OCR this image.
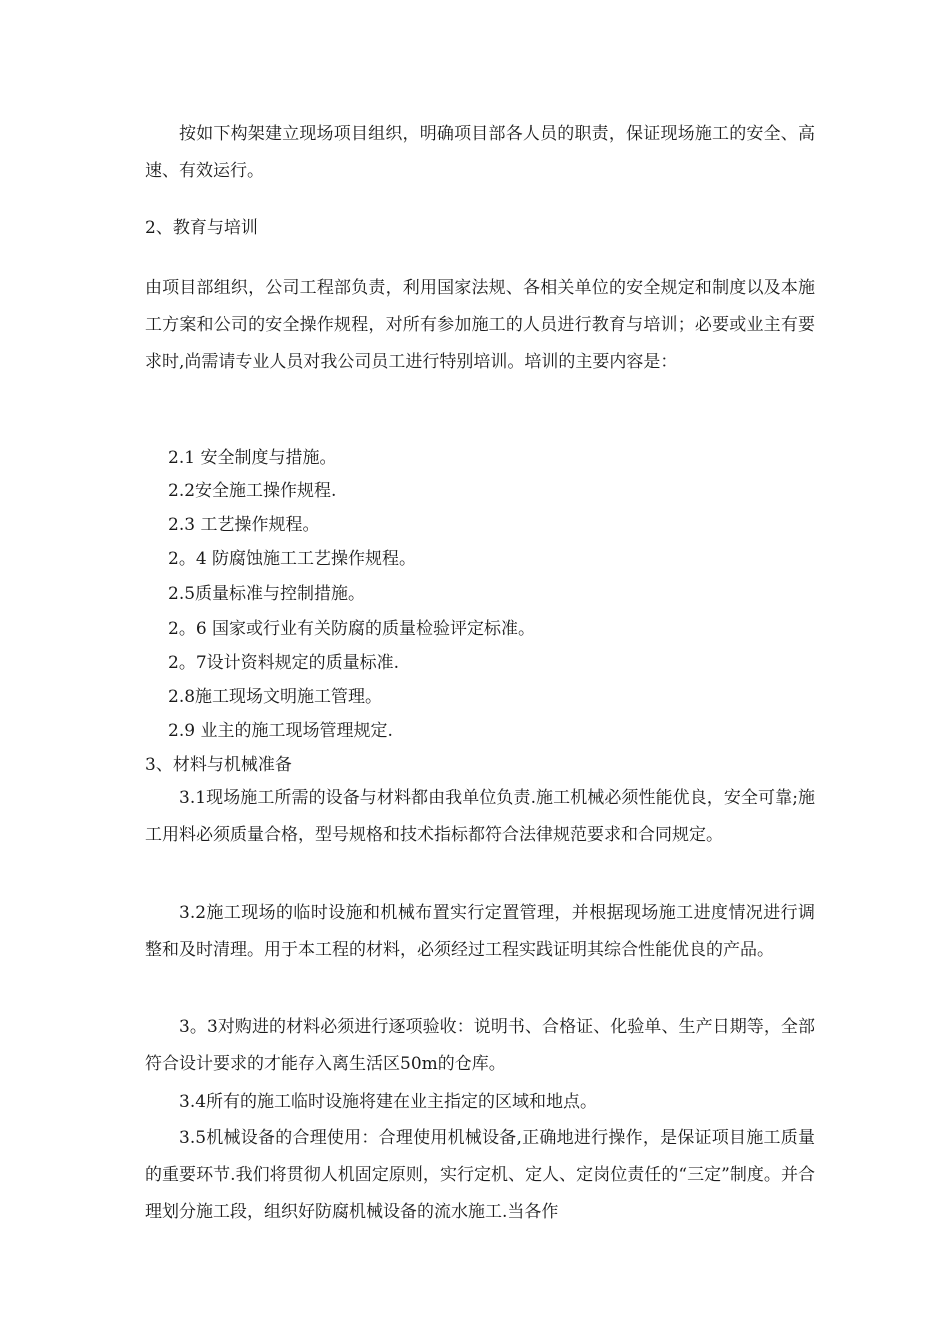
按如下构架建立现场项目组织，明确项目部各人员的职责，保证现场施工的安全、高速、有效运行。
2、教育与培训
由项目部组织，公司工程部负责，利用国家法规、各相关单位的安全规定和制度以及本施工方案和公司的安全操作规程，对所有参加施工的人员进行教育与培训；必要或业主有要求时,尚需请专业人员对我公司员工进行特别培训。培训的主要内容是：
2.1 安全制度与措施。
2.2安全施工操作规程.
2.3 工艺操作规程。
2。4 防腐蚀施工工艺操作规程。
2.5质量标准与控制措施。
2。6 国家或行业有关防腐的质量检验评定标准。
2。7设计资料规定的质量标准.
2.8施工现场文明施工管理。
2.9 业主的施工现场管理规定.
3、材料与机械准备
3.1现场施工所需的设备与材料都由我单位负责.施工机械必须性能优良，安全可靠;施工用料必须质量合格，型号规格和技术指标都符合法律规范要求和合同规定。
3.2施工现场的临时设施和机械布置实行定置管理，并根据现场施工进度情况进行调整和及时清理。用于本工程的材料，必须经过工程实践证明其综合性能优良的产品。
3。3对购进的材料必须进行逐项验收：说明书、合格证、化验单、生产日期等，全部符合设计要求的才能存入离生活区50m的仓库。
3.4所有的施工临时设施将建在业主指定的区域和地点。
3.5机械设备的合理使用：合理使用机械设备,正确地进行操作，是保证项目施工质量的重要环节.我们将贯彻人机固定原则，实行定机、定人、定岗位责任的“三定”制度。并合理划分施工段，组织好防腐机械设备的流水施工.当各作
